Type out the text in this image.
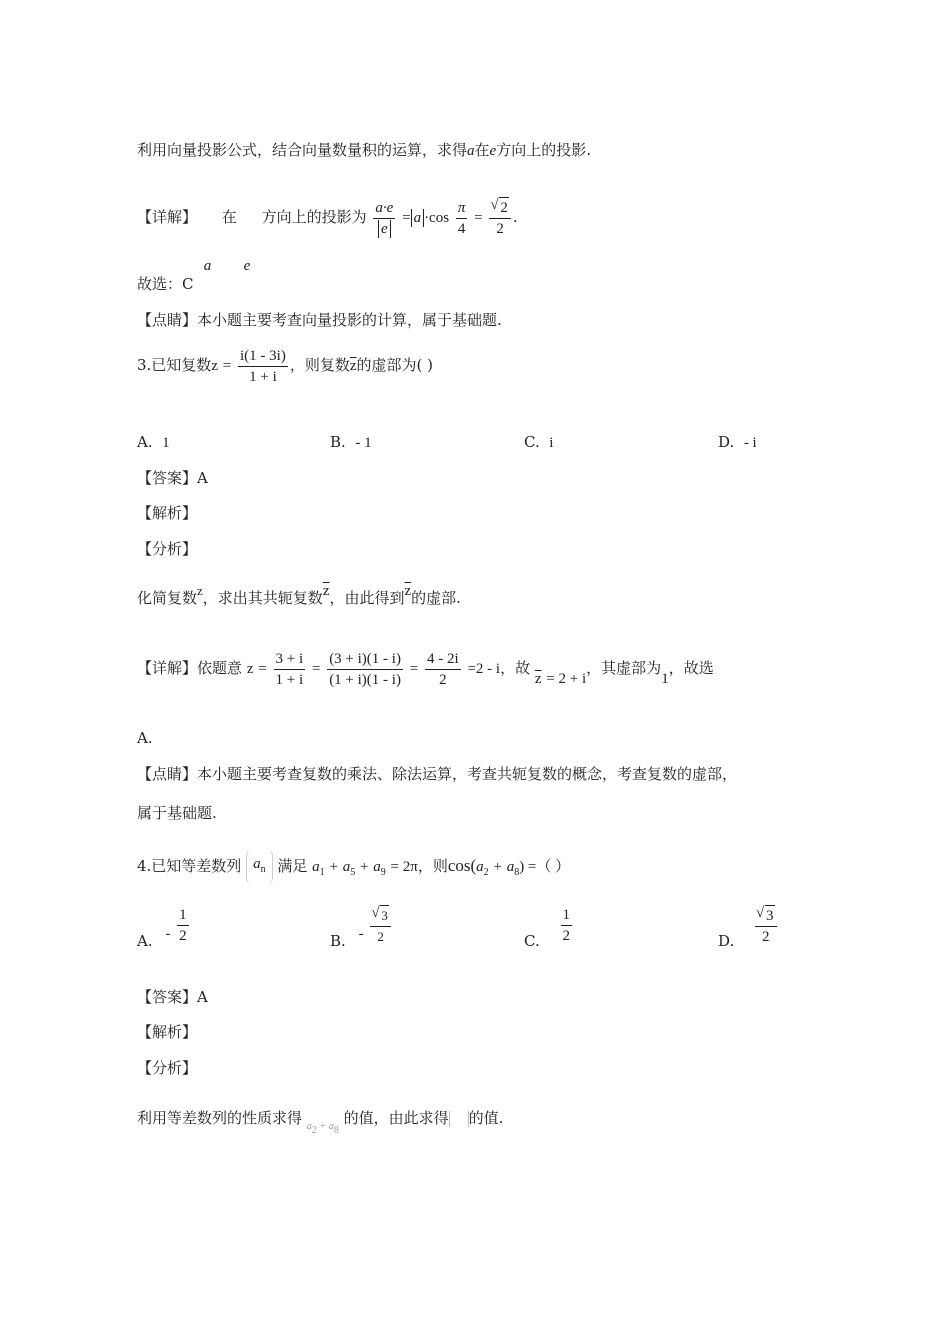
利用向量投影公式，结合向量数量积的运算，求得a在e方向上的投影.
【详解】
a
在
e
方向上的投影为 $\frac{a\cdot e}{e} = a \cdot\cos \frac{\pi}{4}$ = √ $\frac{2}{2}$ .
故选：C
【点睛】本小题主要考查向量投影的计算，属于基础题.
3.已知复数$z = \frac{i(1 - 3i)}{1 + i}$ ，则复数$\overline{z}$的虚部为( )
A. 1	B. - 1	C. i	D. - i
【答案】A
【解析】
【分析】
化简复数z，求出其共轭复数$\overline{z}$，由此得到$\overline{z}$的虚部.
【详解】依题意 $z = \frac{3 + i}{1 + i} = \frac{(3 + i)(1 - i)}{(1 + i)(1 - i)} = \frac{4 - 2i}{2} =2 - i$，故 $\overline{z} = 2 + i$，其虚部为1，故选
A.
【点睛】本小题主要考查复数的乘法、除法运算，考查共轭复数的概念，考查复数的虚部，
属于基础题.
4.已知等差数列 $a_n$ 满足 $a_1 + a_5 + a_9 = 2\pi$，则$\cos(a_2 + a_8)$ =（ ）
A. - $\frac{1}{2}$	B. - √ $\frac{3}{2}$	C. $\frac{1}{2}$	D. √ $\frac{3}{2}$
【答案】A
【解析】
【分析】
利用等差数列的性质求得 $_{a2 + a8}$ 的值，由此求得 的值.
